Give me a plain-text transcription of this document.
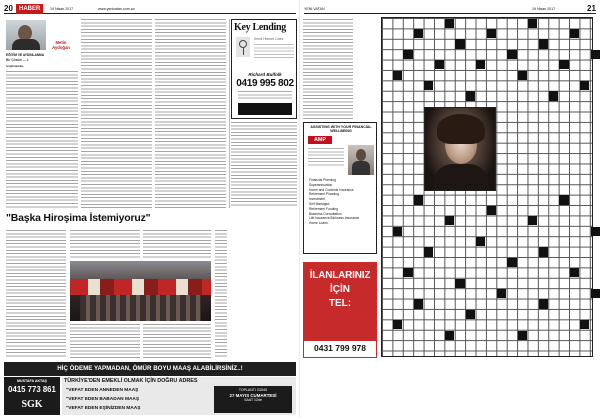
20	HABER	19 Nisan 2017	www.yenivatan.com.au
Metin
Aydoğan
EĞİTİM VE AYDINLANMA
Bir Çözüm — 1
Sevgili okurlar,
Key Lending
Kredi Hizmet Lines
Richard Bulfolk
0419 995 802
"Başka Hiroşima İstemiyoruz"
HİÇ ÖDEME YAPMADAN, ÖMÜR BOYU MAAŞ ALABİLİRSİNİZ..!
MUSTAFA AKTAŞ
0415 773 861
SGK
TÜRKİYE'DEN EMEKLİ OLMAK İÇİN DOĞRU ADRES
"VEFAT EDEN ANNEDEN MAAŞ
"VEFAT EDEN BABADAN MAAŞ
"VEFAT EDEN EŞİNİZDEN MAAŞ
TOPLANTI GÜNÜ
27 MAYIS CUMARTESİ
SAAT 12de
YENİ VATAN	19 Nisan 2017	21
ASSISTING WITH YOUR FINANCIAL WELLBEING
AMP
Financial Planning
Superannuation
Home and Contents Insurance
Retirement Planning
Investment
Self Managed
Retirement Funding
Business Consultation
Life Insurance/Sickness Insurance
Home Loans
İLANLARINIZ
İÇİN
TEL:
0431 799 978
